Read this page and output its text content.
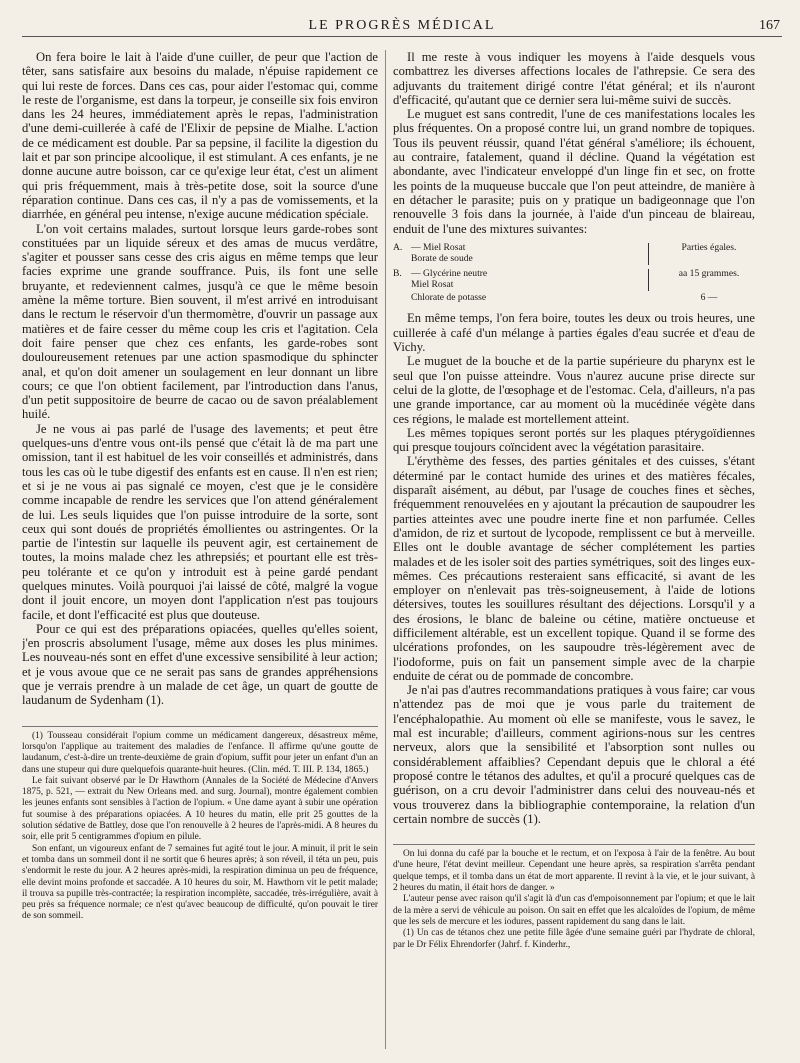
LE PROGRÈS MÉDICAL	167

On fera boire le lait à l'aide d'une cuiller, de peur que l'action de têter, sans satisfaire aux besoins du malade, n'épuise rapidement ce qui lui reste de forces. Dans ces cas, pour aider l'estomac qui, comme le reste de l'organisme, est dans la torpeur, je conseille six fois environ dans les 24 heures, immédiatement après le repas, l'administration d'une demi-cuillerée à café de l'Elixir de pepsine de Mialhe. L'action de ce médicament est double. Par sa pepsine, il facilite la digestion du lait et par son principe alcoolique, il est stimulant. A ces enfants, je ne donne aucune autre boisson, car ce qu'exige leur état, c'est un aliment qui pris fréquemment, mais à très-petite dose, soit la source d'une réparation continue. Dans ces cas, il n'y a pas de vomissements, et la diarrhée, en général peu intense, n'exige aucune médication spéciale.

L'on voit certains malades, surtout lorsque leurs garde-robes sont constituées par un liquide séreux et des amas de mucus verdâtre, s'agiter et pousser sans cesse des cris aigus en même temps que leur facies exprime une grande souffrance. Puis, ils font une selle bruyante, et redeviennent calmes, jusqu'à ce que le même besoin amène la même torture. Bien souvent, il m'est arrivé en introduisant dans le rectum le réservoir d'un thermomètre, d'ouvrir un passage aux matières et de faire cesser du même coup les cris et l'agitation. Cela doit faire penser que chez ces enfants, les garde-robes sont douloureusement retenues par une action spasmodique du sphincter anal, et qu'on doit amener un soulagement en leur donnant un libre cours; ce que l'on obtient facilement, par l'introduction dans l'anus, d'un petit suppositoire de beurre de cacao ou de savon préalablement huilé.

Je ne vous ai pas parlé de l'usage des lavements; et peut être quelques-uns d'entre vous ont-ils pensé que c'était là de ma part une omission, tant il est habituel de les voir conseillés et administrés, dans tous les cas où le tube digestif des enfants est en cause. Il n'en est rien; et si je ne vous ai pas signalé ce moyen, c'est que je le considère comme incapable de rendre les services que l'on attend généralement de lui. Les seuls liquides que l'on puisse introduire de la sorte, sont ceux qui sont doués de propriétés émollientes ou astringentes. Or la partie de l'intestin sur laquelle ils peuvent agir, est certainement de toutes, la moins malade chez les athrepsiés; et pourtant elle est très-peu tolérante et ce qu'on y introduit est à peine gardé pendant quelques minutes. Voilà pourquoi j'ai laissé de côté, malgré la vogue dont il jouit encore, un moyen dont l'application n'est pas toujours facile, et dont l'efficacité est plus que douteuse.

Pour ce qui est des préparations opiacées, quelles qu'elles soient, j'en proscris absolument l'usage, même aux doses les plus minimes. Les nouveau-nés sont en effet d'une excessive sensibilité à leur action; et je vous avoue que ce ne serait pas sans de grandes appréhensions que je verrais prendre à un malade de cet âge, un quart de goutte de laudanum de Sydenham (1).

(1) Tousseau considérait l'opium comme un médicament dangereux, désastreux même, lorsqu'on l'applique au traitement des maladies de l'enfance. Il affirme qu'une goutte de laudanum, c'est-à-dire un trente-deuxième de grain d'opium, suffit pour jeter un enfant d'un an dans une stupeur qui dure quelquefois quarante-huit heures. (Clin. méd. T. III. P. 134, 1865.)

Le fait suivant observé par le Dr Hawthorn (Annales de la Société de Médecine d'Anvers 1875, p. 521, — extrait du New Orleans med. and surg. Journal), montre également combien les jeunes enfants sont sensibles à l'action de l'opium. « Une dame ayant à subir une opération fut soumise à des préparations opiacées. A 10 heures du matin, elle prit 25 gouttes de la solution sédative de Battley, dose que l'on renouvelle à 2 heures de l'après-midi. A 8 heures du soir, elle prit 5 centigrammes d'opium en pilule.

Son enfant, un vigoureux enfant de 7 semaines fut agité tout le jour. A minuit, il prit le sein et tomba dans un sommeil dont il ne sortit que 6 heures après; à son réveil, il téta un peu, puis s'endormit le reste du jour. A 2 heures après-midi, la respiration diminua un peu de fréquence, elle devint moins profonde et saccadée. A 10 heures du soir, M. Hawthorn vit le petit malade; il trouva sa pupille très-contractée; la respiration incomplète, saccadée, très-irrégulière, avait à peu près sa fréquence normale; ce n'est qu'avec beaucoup de difficulté, qu'on pouvait le tirer de son sommeil.

Il me reste à vous indiquer les moyens à l'aide desquels vous combattrez les diverses affections locales de l'athrepsie. Ce sera des adjuvants du traitement dirigé contre l'état général; et ils n'auront d'efficacité, qu'autant que ce dernier sera lui-même suivi de succès.

Le muguet est sans contredit, l'une de ces manifestations locales les plus fréquentes. On a proposé contre lui, un grand nombre de topiques. Tous ils peuvent réussir, quand l'état général s'améliore; ils échouent, au contraire, fatalement, quand il décline. Quand la végétation est abondante, avec l'indicateur enveloppé d'un linge fin et sec, on frotte les points de la muqueuse buccale que l'on peut atteindre, de manière à en détacher le parasite; puis on y pratique un badigeonnage que l'on renouvelle 3 fois dans la journée, à l'aide d'un pinceau de blaireau, enduit de l'une des mixtures suivantes:

A. — Miel Rosat
Borate de soude
Parties égales.
B. — Glycérine neutre
Miel Rosat
aa 15 grammes.
Chlorate de potasse	6 —

En même temps, l'on fera boire, toutes les deux ou trois heures, une cuillerée à café d'un mélange à parties égales d'eau sucrée et d'eau de Vichy.

Le muguet de la bouche et de la partie supérieure du pharynx est le seul que l'on puisse atteindre. Vous n'aurez aucune prise directe sur celui de la glotte, de l'œsophage et de l'estomac. Cela, d'ailleurs, n'a pas une grande importance, car au moment où la mucédinée végète dans ces régions, le malade est mortellement atteint.

Les mêmes topiques seront portés sur les plaques ptérygoïdiennes qui presque toujours coïncident avec la végétation parasitaire.

L'érythème des fesses, des parties génitales et des cuisses, s'étant déterminé par le contact humide des urines et des matières fécales, disparaît aisément, au début, par l'usage de couches fines et sèches, fréquemment renouvelées en y ajoutant la précaution de saupoudrer les parties atteintes avec une poudre inerte fine et non parfumée. Celles d'amidon, de riz et surtout de lycopode, remplissent ce but à merveille. Elles ont le double avantage de sécher complétement les parties malades et de les isoler soit des parties symétriques, soit des linges eux-mêmes. Ces précautions resteraient sans efficacité, si avant de les employer on n'enlevait pas très-soigneusement, à l'aide de lotions détersives, toutes les souillures résultant des déjections. Lorsqu'il y a des érosions, le blanc de baleine ou cétine, matière onctueuse et difficilement altérable, est un excellent topique. Quand il se forme des ulcérations profondes, on les saupoudre très-légèrement avec de l'iodoforme, puis on fait un pansement simple avec de la charpie enduite de cérat ou de pommade de concombre.

Je n'ai pas d'autres recommandations pratiques à vous faire; car vous n'attendez pas de moi que je vous parle du traitement de l'encéphalopathie. Au moment où elle se manifeste, vous le savez, le mal est incurable; d'ailleurs, comment agirions-nous sur les centres nerveux, alors que la sensibilité et l'absorption sont nulles ou considérablement affaiblies? Cependant depuis que le chloral a été proposé contre le tétanos des adultes, et qu'il a procuré quelques cas de guérison, on a cru devoir l'administrer dans celui des nouveau-nés et vous trouverez dans la bibliographie contemporaine, la relation d'un certain nombre de succès (1).

On lui donna du café par la bouche et le rectum, et on l'exposa à l'air de la fenêtre. Au bout d'une heure, l'état devint meilleur. Cependant une heure après, sa respiration s'arrêta pendant quelque temps, et il tomba dans un état de mort apparente. Il revint à la vie, et le jour suivant, à 2 heures du matin, il était hors de danger. »

L'auteur pense avec raison qu'il s'agit là d'un cas d'empoisonnement par l'opium; et que le lait de la mère a servi de véhicule au poison. On sait en effet que les alcaloïdes de l'opium, de même que les sels de mercure et les iodures, passent rapidement du sang dans le lait.

(1) Un cas de tétanos chez une petite fille âgée d'une semaine guéri par l'hydrate de chloral, par le Dr Félix Ehrendorfer (Jahrf. f. Kinderhr.,
